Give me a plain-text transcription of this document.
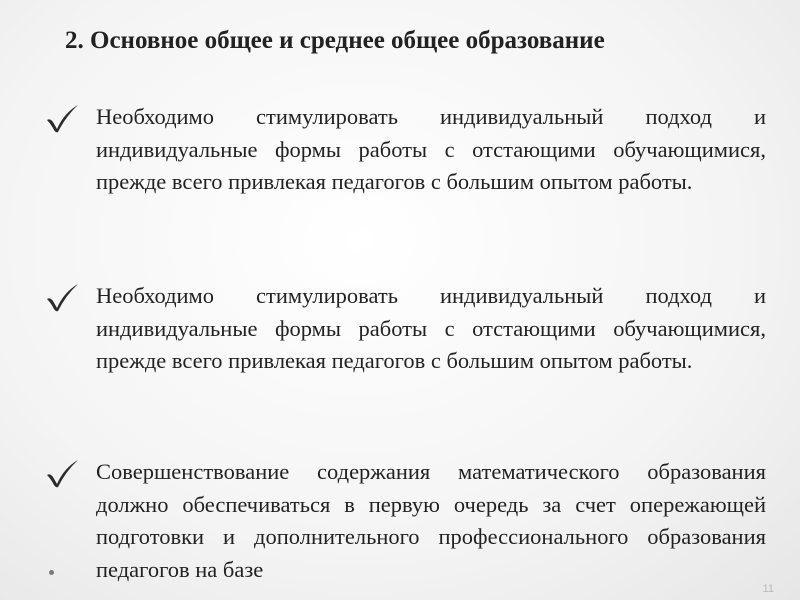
2. Основное общее и среднее общее образование
Необходимо стимулировать индивидуальный подход и индивидуальные формы работы с отстающими обучающимися, прежде всего привлекая педагогов с большим опытом работы.
Необходимо стимулировать индивидуальный подход и индивидуальные формы работы с отстающими обучающимися, прежде всего привлекая педагогов с большим опытом работы.
Совершенствование содержания математического образования должно обеспечиваться в первую очередь за счет опережающей подготовки и дополнительного профессионального образования педагогов на базе
11
